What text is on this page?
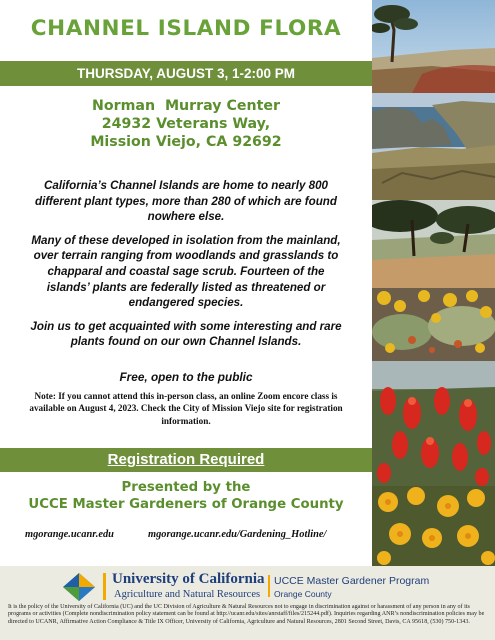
CHANNEL ISLAND FLORA
THURSDAY, AUGUST 3, 1-2:00 PM
Norman  Murray Center
24932 Veterans Way,
Mission Viejo, CA 92692

California’s Channel Islands are home to nearly 800 different plant types, more than 280 of which are found nowhere else.

Many of these developed in isolation from the mainland, over terrain ranging from woodlands and grasslands to chapparal and coastal sage scrub. Fourteen of the islands’ plants are federally listed as threatened or endangered species.

Join us to get acquainted with some interesting and rare plants found on our own Channel Islands.

Free, open to the public
Note: If you cannot attend this in-person class, an online Zoom encore class is available on August 4, 2023. Check the City of Mission Viejo site for registration information.
Registration Required
Presented by the
UCCE Master Gardeners of Orange County
mgorange.ucanr.edu	mgorange.ucanr.edu/Gardening_Hotline/
University of California
Agriculture and Natural Resources
UCCE Master Gardener Program
Orange County
It is the policy of the University of California (UC) and the UC Division of Agriculture & Natural Resources not to engage in discrimination against or harassment of any person in any of its programs or activities (Complete nondiscrimination policy statement can be found at http://ucanr.edu/sites/anrstaff/files/215244.pdf). Inquiries regarding ANR’s nondiscrimination policies may be directed to UCANR, Affirmative Action Compliance & Title IX Officer, University of California, Agriculture and Natural Resources, 2801 Second Street, Davis, CA 95618, (530) 750-1343.
